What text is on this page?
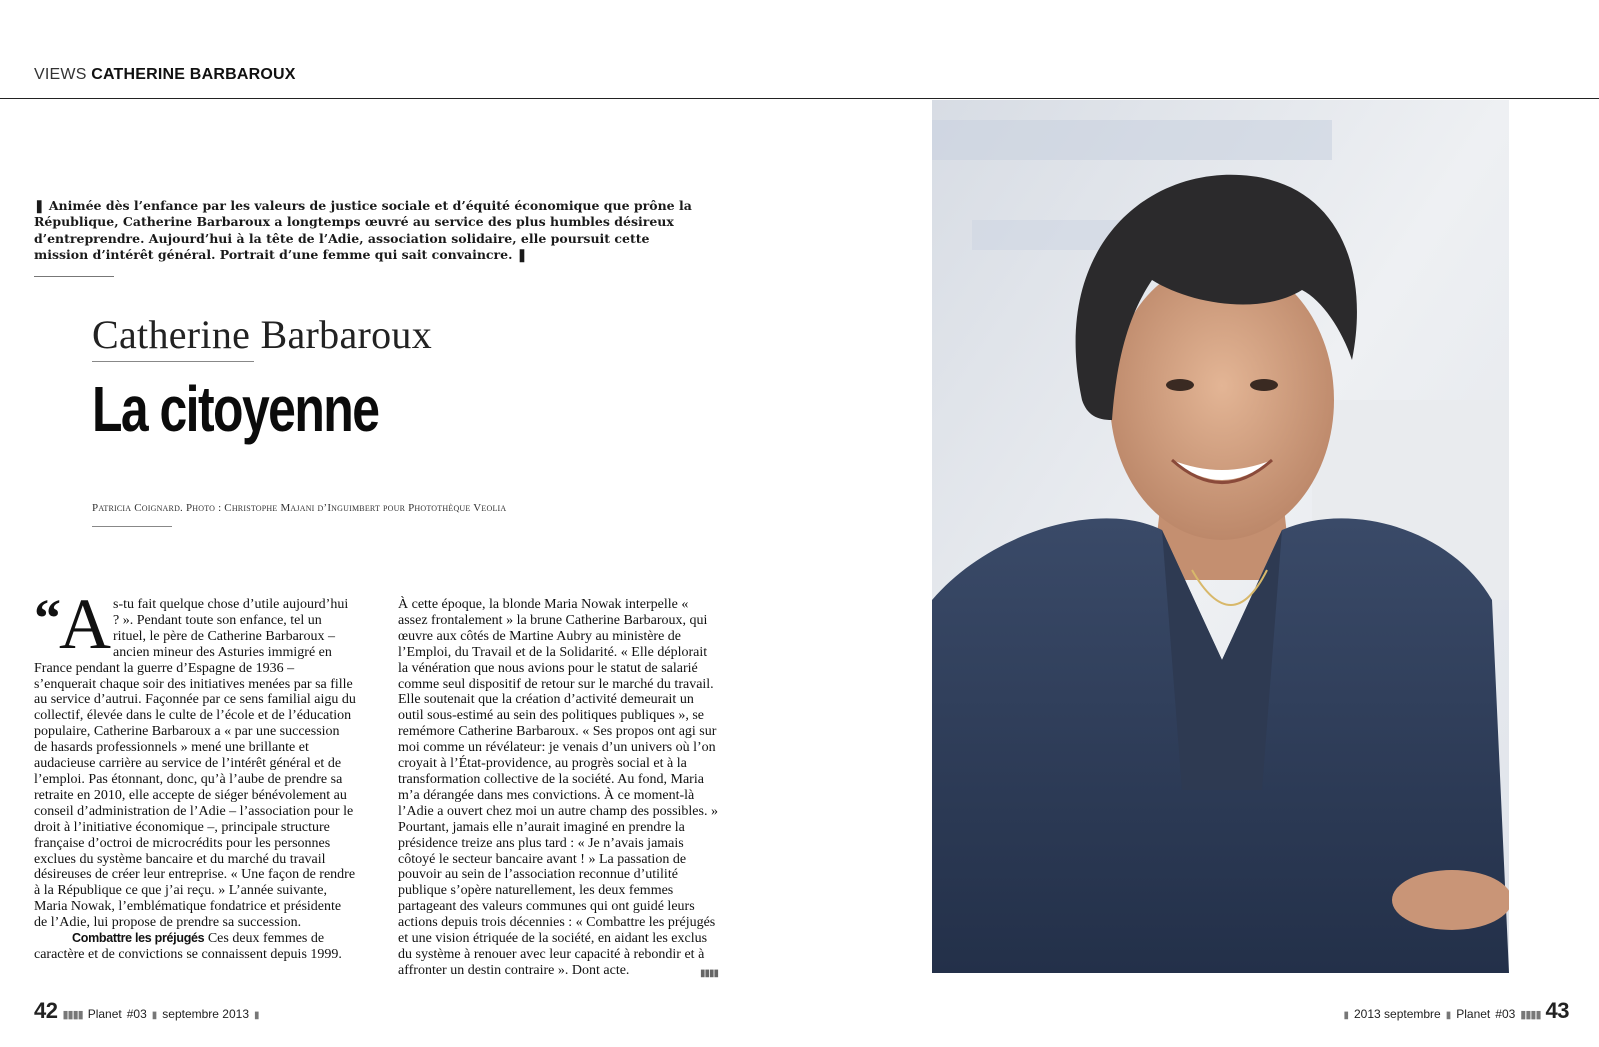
VIEWS CATHERINE BARBAROUX
❚ Animée dès l’enfance par les valeurs de justice sociale et d’équité économique que prône la République, Catherine Barbaroux a longtemps œuvré au service des plus humbles désireux d’entreprendre. Aujourd’hui à la tête de l’Adie, association solidaire, elle poursuit cette mission d’intérêt général. Portrait d’une femme qui sait convaincre. ❚
Catherine Barbaroux
La citoyenne
Patricia Coignard. Photo : Christophe Majani d’Inguimbert pour Photothèque Veolia
“
A s-tu fait quelque chose d’utile aujourd’hui ? ». Pendant toute son enfance, tel un rituel, le père de Catherine Barbaroux – ancien mineur des Asturies immigré en France pendant la guerre d’Espagne de 1936 – s’enquerait chaque soir des initiatives menées par sa fille au service d’autrui. Façonnée par ce sens familial aigu du collectif, élevée dans le culte de l’école et de l’éducation populaire, Catherine Barbaroux a « par une succession de hasards professionnels » mené une brillante et audacieuse carrière au service de l’intérêt général et de l’emploi. Pas étonnant, donc, qu’à l’aube de prendre sa retraite en 2010, elle accepte de siéger bénévolement au conseil d’administration de l’Adie – l’association pour le droit à l’initiative économique –, principale structure française d’octroi de microcrédits pour les personnes exclues du système bancaire et du marché du travail désireuses de créer leur entreprise. « Une façon de rendre à la République ce que j’ai reçu. » L’année suivante, Maria Nowak, l’emblématique fondatrice et présidente de l’Adie, lui propose de prendre sa succession.
Combattre les préjugés Ces deux femmes de caractère et de convictions se connaissent depuis 1999.
À cette époque, la blonde Maria Nowak interpelle « assez frontalement » la brune Catherine Barbaroux, qui œuvre aux côtés de Martine Aubry au ministère de l’Emploi, du Travail et de la Solidarité. « Elle déplorait la vénération que nous avions pour le statut de salarié comme seul dispositif de retour sur le marché du travail. Elle soutenait que la création d’activité demeurait un outil sous-estimé au sein des politiques publiques », se remémore Catherine Barbaroux. « Ses propos ont agi sur moi comme un révélateur: je venais d’un univers où l’on croyait à l’État-providence, au progrès social et à la transformation collective de la société. Au fond, Maria m’a dérangée dans mes convictions. À ce moment-là l’Adie a ouvert chez moi un autre champ des possibles. » Pourtant, jamais elle n’aurait imaginé en prendre la présidence treize ans plus tard : « Je n’avais jamais côtoyé le secteur bancaire avant ! » La passation de pouvoir au sein de l’association reconnue d’utilité publique s’opère naturellement, les deux femmes partageant des valeurs communes qui ont guidé leurs actions depuis trois décennies : « Combattre les préjugés et une vision étriquée de la société, en aidant les exclus du système à renouer avec leur capacité à rebondir et à affronter un destin contraire ». Dont acte.	▮▮▮▮
42 ▮▮▮▮ Planet #03 ▮ septembre 2013 ▮	▮ 2013 septembre ▮ Planet #03 ▮▮▮▮ 43
